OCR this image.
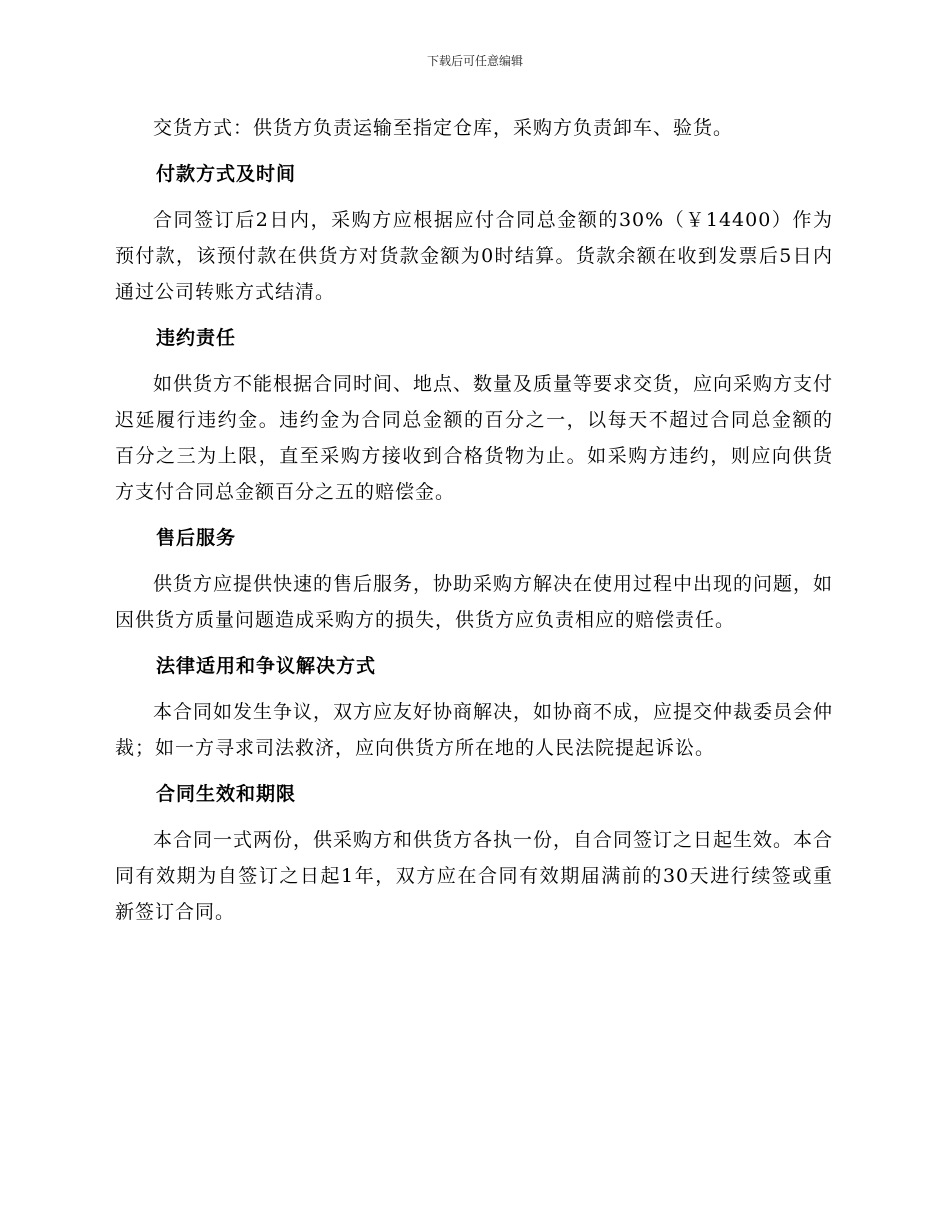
下载后可任意编辑

交货方式：供货方负责运输至指定仓库，采购方负责卸车、验货。

付款方式及时间

合同签订后2日内，采购方应根据应付合同总金额的30%（￥14400）作为预付款，该预付款在供货方对货款金额为0时结算。货款余额在收到发票后5日内通过公司转账方式结清。

违约责任

如供货方不能根据合同时间、地点、数量及质量等要求交货，应向采购方支付迟延履行违约金。违约金为合同总金额的百分之一，以每天不超过合同总金额的百分之三为上限，直至采购方接收到合格货物为止。如采购方违约，则应向供货方支付合同总金额百分之五的赔偿金。

售后服务

供货方应提供快速的售后服务，协助采购方解决在使用过程中出现的问题，如因供货方质量问题造成采购方的损失，供货方应负责相应的赔偿责任。

法律适用和争议解决方式

本合同如发生争议，双方应友好协商解决，如协商不成，应提交仲裁委员会仲裁；如一方寻求司法救济，应向供货方所在地的人民法院提起诉讼。

合同生效和期限

本合同一式两份，供采购方和供货方各执一份，自合同签订之日起生效。本合同有效期为自签订之日起1年，双方应在合同有效期届满前的30天进行续签或重新签订合同。
